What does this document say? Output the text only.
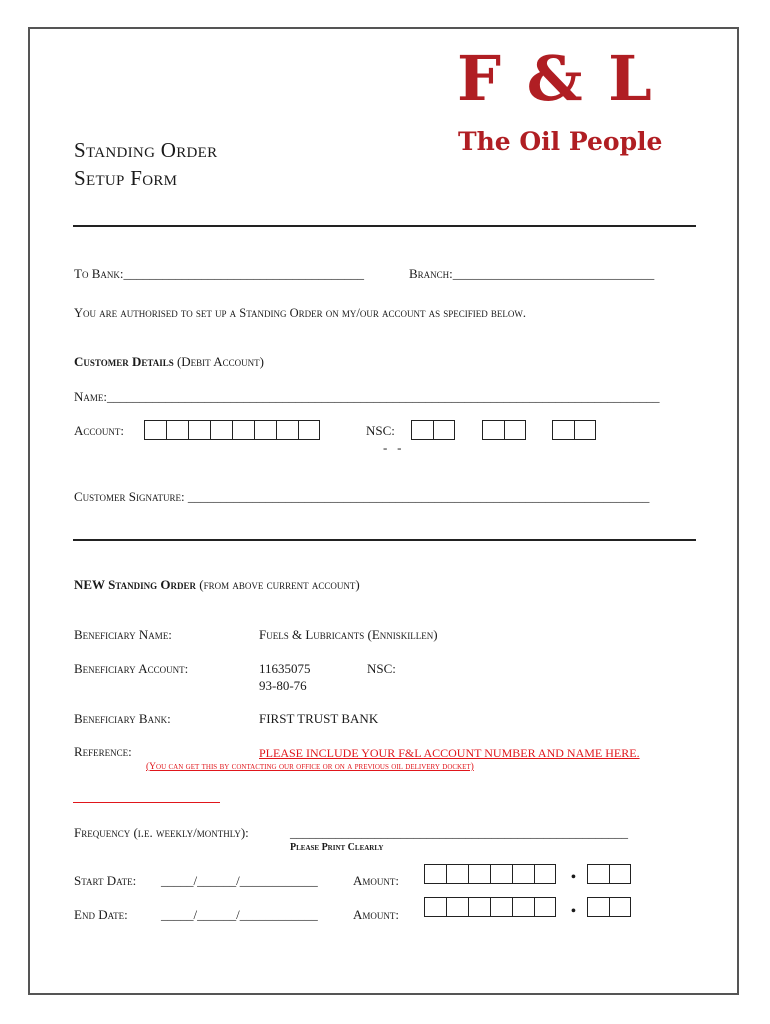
F & L
The Oil People
Standing Order
Setup Form
To Bank:_____________________________________	Branch:_______________________________
You are authorised to set up a Standing Order on my/our account as specified below.
Customer Details (Debit Account)
Name:_____________________________________________________________________________________
Account:	NSC:
-   -
Customer Signature: _______________________________________________________________________
NEW Standing Order (from above current account)
Beneficiary Name:	Fuels & Lubricants (Enniskillen)
Beneficiary Account:	11635075	NSC:
93-80-76
Beneficiary Bank:	FIRST TRUST BANK
Reference:	PLEASE INCLUDE YOUR F&L ACCOUNT NUMBER AND NAME HERE.
(You can get this by contacting our office or on a previous oil delivery docket)
Frequency (i.e. weekly/monthly):	____________________________________________________
Please Print Clearly
Start Date: _____/______/____________	Amount:	•
End Date:	_____/______/____________	Amount:	•
